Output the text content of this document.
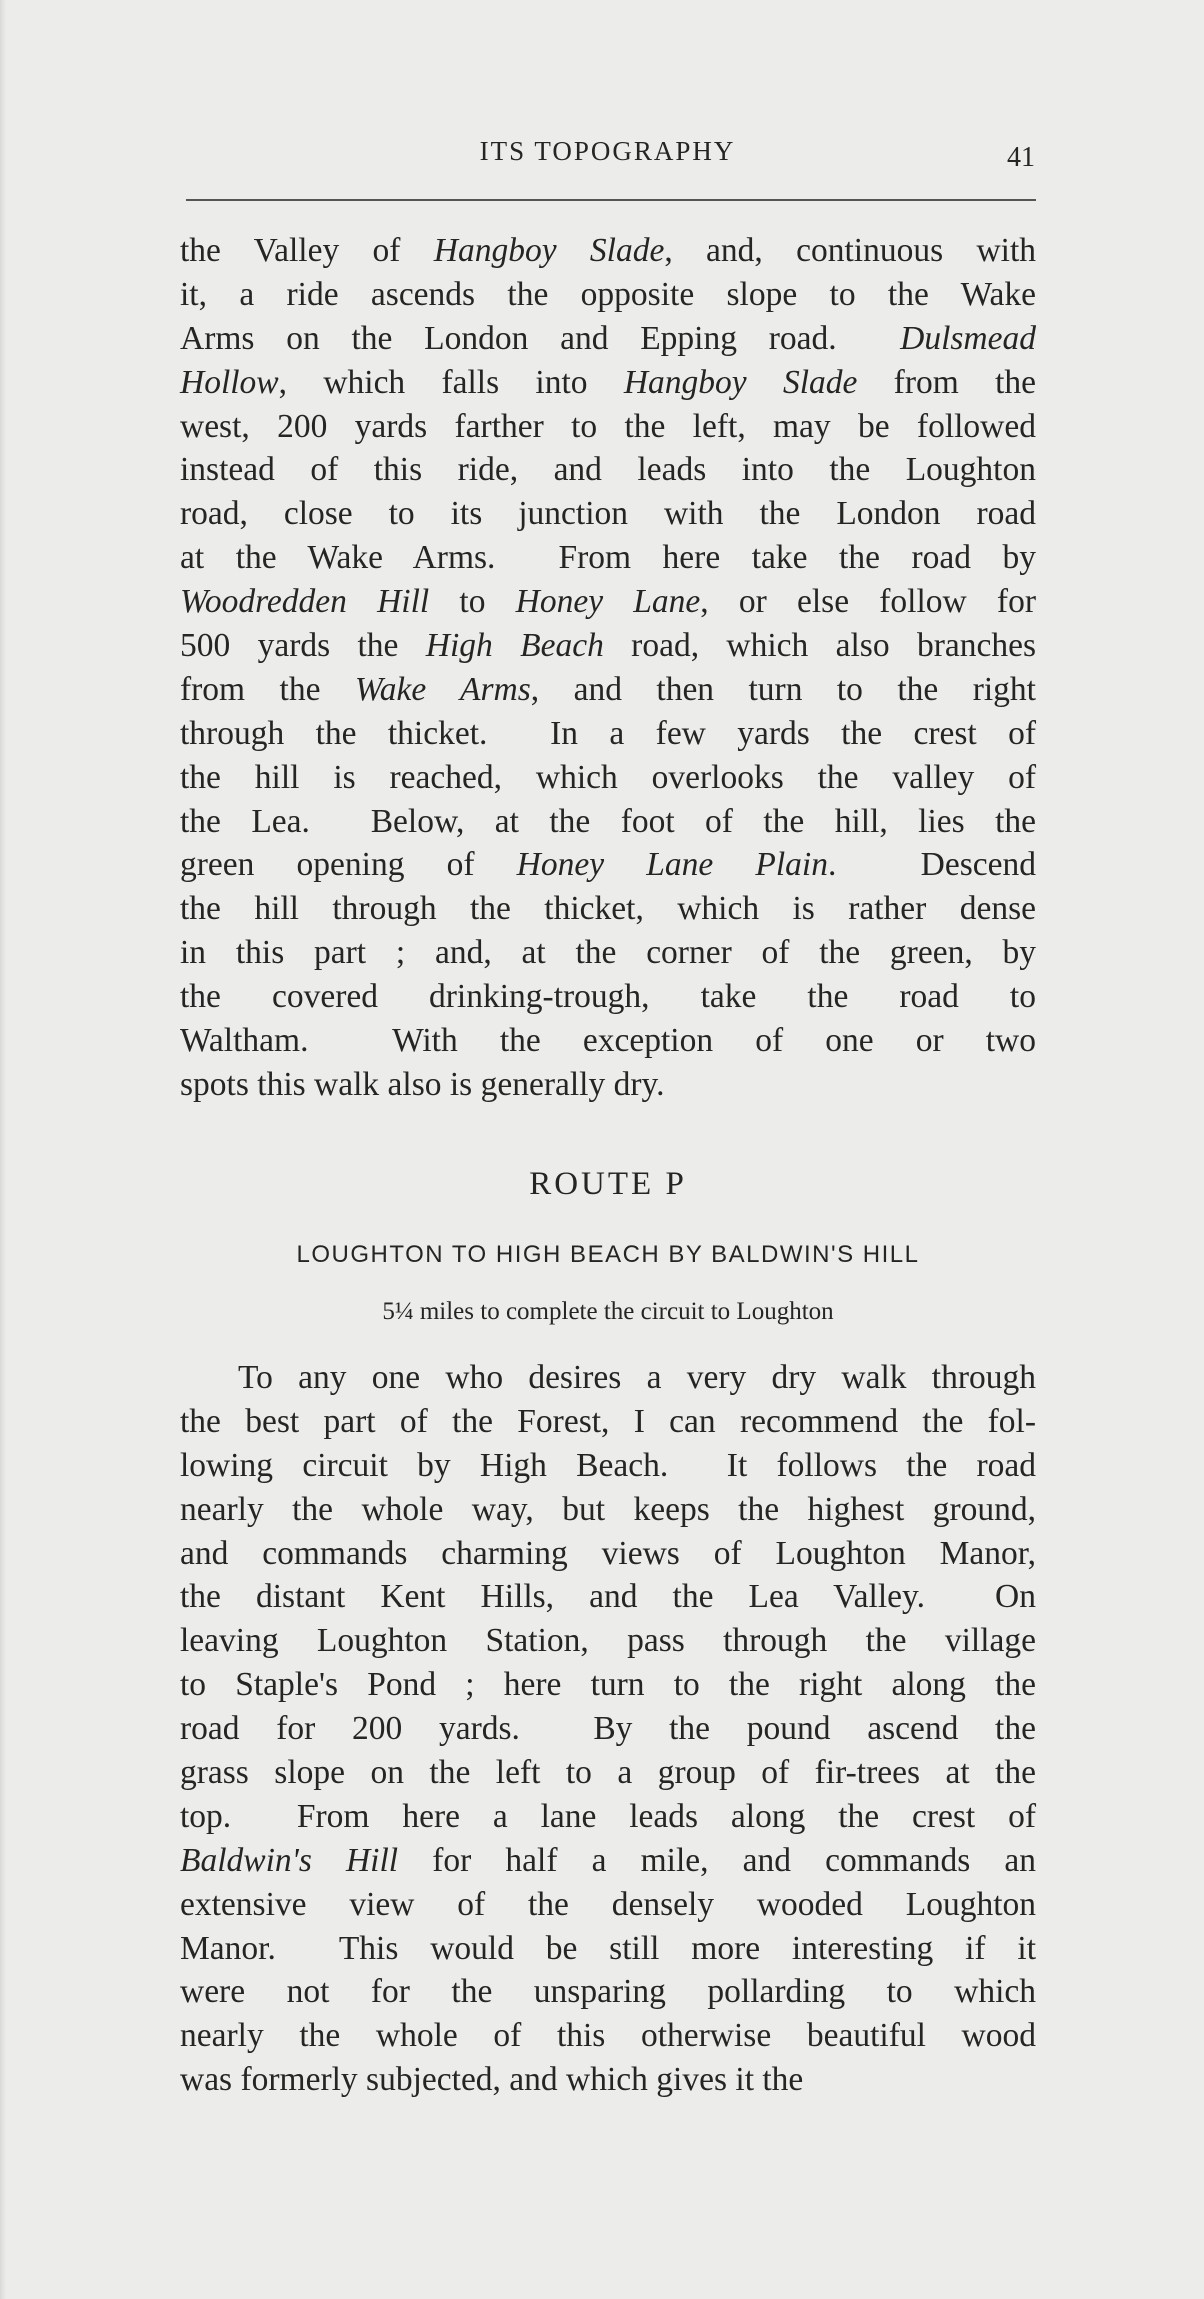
ITS TOPOGRAPHY	41
the Valley of Hangboy Slade, and, continuous with
it, a ride ascends the opposite slope to the Wake
Arms on the London and Epping road.  Dulsmead
Hollow, which falls into Hangboy Slade from the
west, 200 yards farther to the left, may be followed
instead of this ride, and leads into the Loughton
road, close to its junction with the London road
at the Wake Arms.  From here take the road by
Woodredden Hill to Honey Lane, or else follow for
500 yards the High Beach road, which also branches
from the Wake Arms, and then turn to the right
through the thicket.  In a few yards the crest of
the hill is reached, which overlooks the valley of
the Lea.  Below, at the foot of the hill, lies the
green opening of Honey Lane Plain.  Descend
the hill through the thicket, which is rather dense
in this part ; and, at the corner of the green, by
the covered drinking-trough, take the road to
Waltham.  With the exception of one or two
spots this walk also is generally dry.
ROUTE P
LOUGHTON TO HIGH BEACH BY BALDWIN'S HILL
5¼ miles to complete the circuit to Loughton
To any one who desires a very dry walk through
the best part of the Forest, I can recommend the fol-
lowing circuit by High Beach.  It follows the road
nearly the whole way, but keeps the highest ground,
and commands charming views of Loughton Manor,
the distant Kent Hills, and the Lea Valley.  On
leaving Loughton Station, pass through the village
to Staple's Pond ; here turn to the right along the
road for 200 yards.  By the pound ascend the
grass slope on the left to a group of fir-trees at the
top.  From here a lane leads along the crest of
Baldwin's Hill for half a mile, and commands an
extensive view of the densely wooded Loughton
Manor.  This would be still more interesting if it
were not for the unsparing pollarding to which
nearly the whole of this otherwise beautiful wood
was formerly subjected, and which gives it the
